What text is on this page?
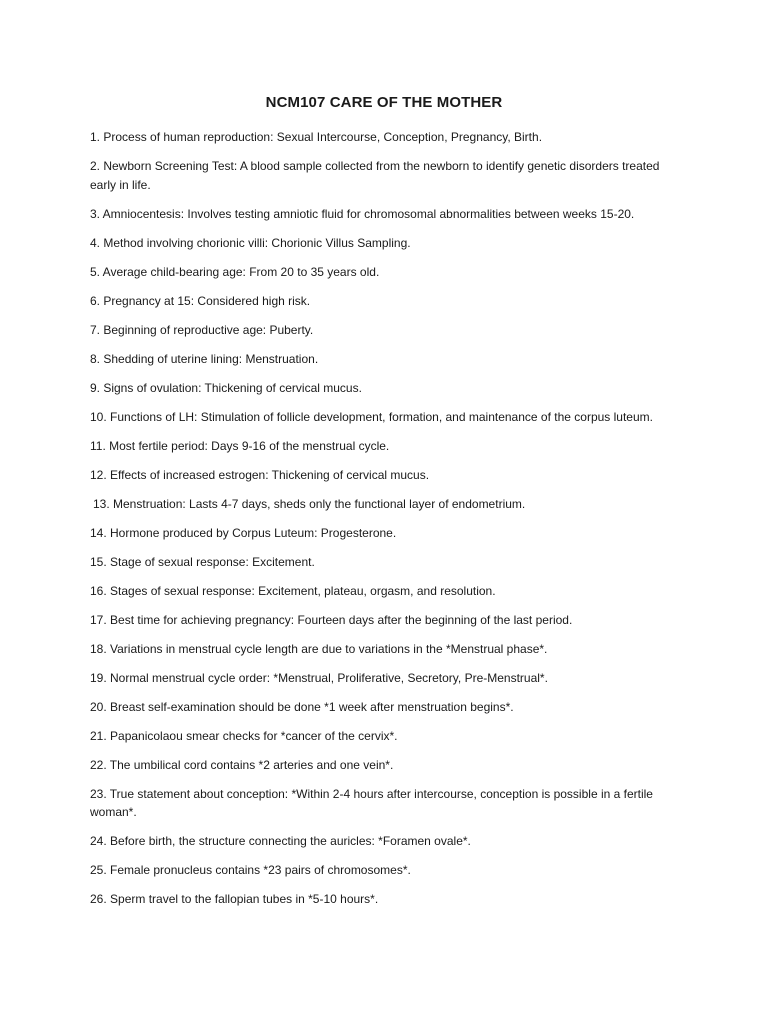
NCM107 CARE OF THE MOTHER
1. Process of human reproduction: Sexual Intercourse, Conception, Pregnancy, Birth.
2. Newborn Screening Test: A blood sample collected from the newborn to identify genetic disorders treated early in life.
3. Amniocentesis: Involves testing amniotic fluid for chromosomal abnormalities between weeks 15-20.
4. Method involving chorionic villi: Chorionic Villus Sampling.
5. Average child-bearing age: From 20 to 35 years old.
6. Pregnancy at 15: Considered high risk.
7. Beginning of reproductive age: Puberty.
8. Shedding of uterine lining: Menstruation.
9. Signs of ovulation: Thickening of cervical mucus.
10. Functions of LH: Stimulation of follicle development, formation, and maintenance of the corpus luteum.
11. Most fertile period: Days 9-16 of the menstrual cycle.
12. Effects of increased estrogen: Thickening of cervical mucus.
13. Menstruation: Lasts 4-7 days, sheds only the functional layer of endometrium.
14. Hormone produced by Corpus Luteum: Progesterone.
15. Stage of sexual response: Excitement.
16. Stages of sexual response: Excitement, plateau, orgasm, and resolution.
17. Best time for achieving pregnancy: Fourteen days after the beginning of the last period.
18. Variations in menstrual cycle length are due to variations in the *Menstrual phase*.
19. Normal menstrual cycle order: *Menstrual, Proliferative, Secretory, Pre-Menstrual*.
20. Breast self-examination should be done *1 week after menstruation begins*.
21. Papanicolaou smear checks for *cancer of the cervix*.
22. The umbilical cord contains *2 arteries and one vein*.
23. True statement about conception: *Within 2-4 hours after intercourse, conception is possible in a fertile woman*.
24. Before birth, the structure connecting the auricles: *Foramen ovale*.
25. Female pronucleus contains *23 pairs of chromosomes*.
26. Sperm travel to the fallopian tubes in *5-10 hours*.
